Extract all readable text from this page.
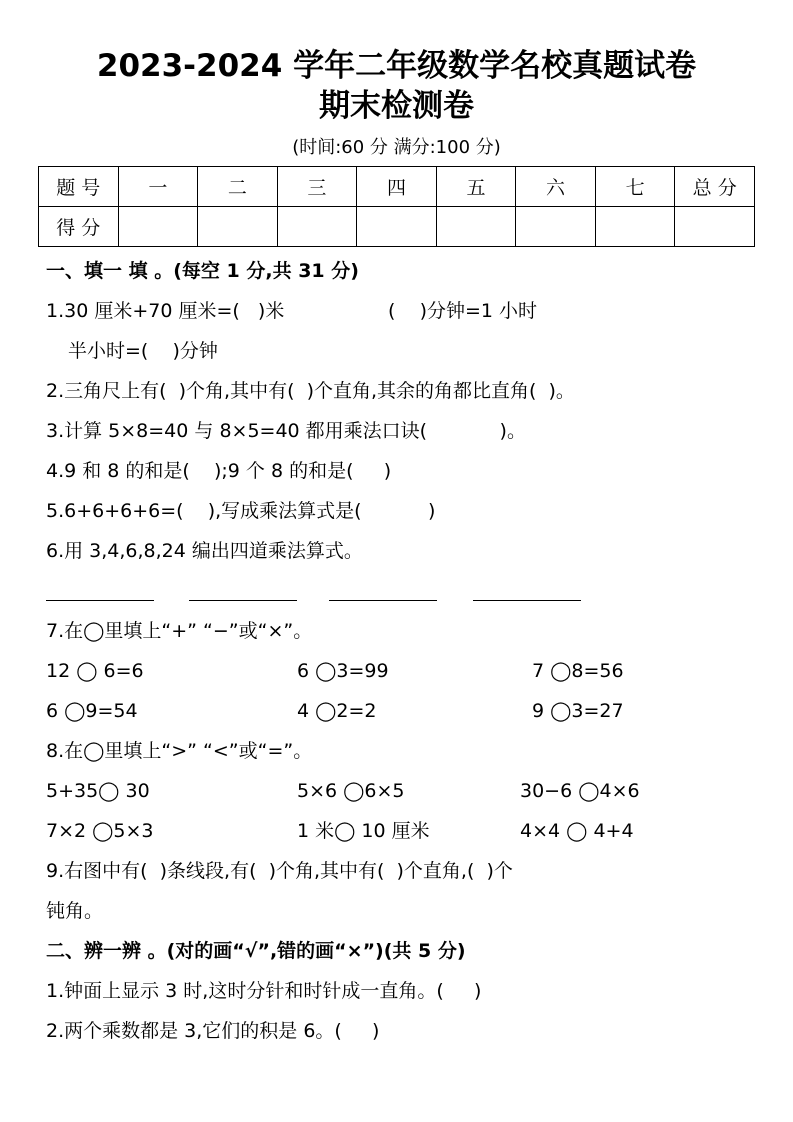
2023-2024 学年二年级数学名校真题试卷
期末检测卷
(时间:60 分 满分:100 分)
题 号	一	二	三	四	五	六	七	总 分
得 分								
一、填一 填 。(每空 1 分,共 31 分)
1.30 厘米+70 厘米=(   )米	(    )分钟=1 小时
半小时=(    )分钟
2.三角尺上有(  )个角,其中有(  )个直角,其余的角都比直角(  )。
3.计算 5×8=40 与 8×5=40 都用乘法口诀(            )。
4.9 和 8 的和是(    );9 个 8 的和是(     )
5.6+6+6+6=(    ),写成乘法算式是(           )
6.用 3,4,6,8,24 编出四道乘法算式。
7.在◯里填上“+” “−”或“×”。
12 ◯ 6=6	6 ◯3=99	7 ◯8=56
6 ◯9=54	4 ◯2=2	9 ◯3=27
8.在◯里填上“>” “<”或“=”。
5+35◯ 30	5×6 ◯6×5	30−6 ◯4×6
7×2 ◯5×3	1 米◯ 10 厘米	4×4 ◯ 4+4
9.右图中有(  )条线段,有(  )个角,其中有(  )个直角,(  )个
钝角。
二、辨一辨 。(对的画“√”,错的画“×”)(共 5 分)
1.钟面上显示 3 时,这时分针和时针成一直角。(     )
2.两个乘数都是 3,它们的积是 6。(     )
